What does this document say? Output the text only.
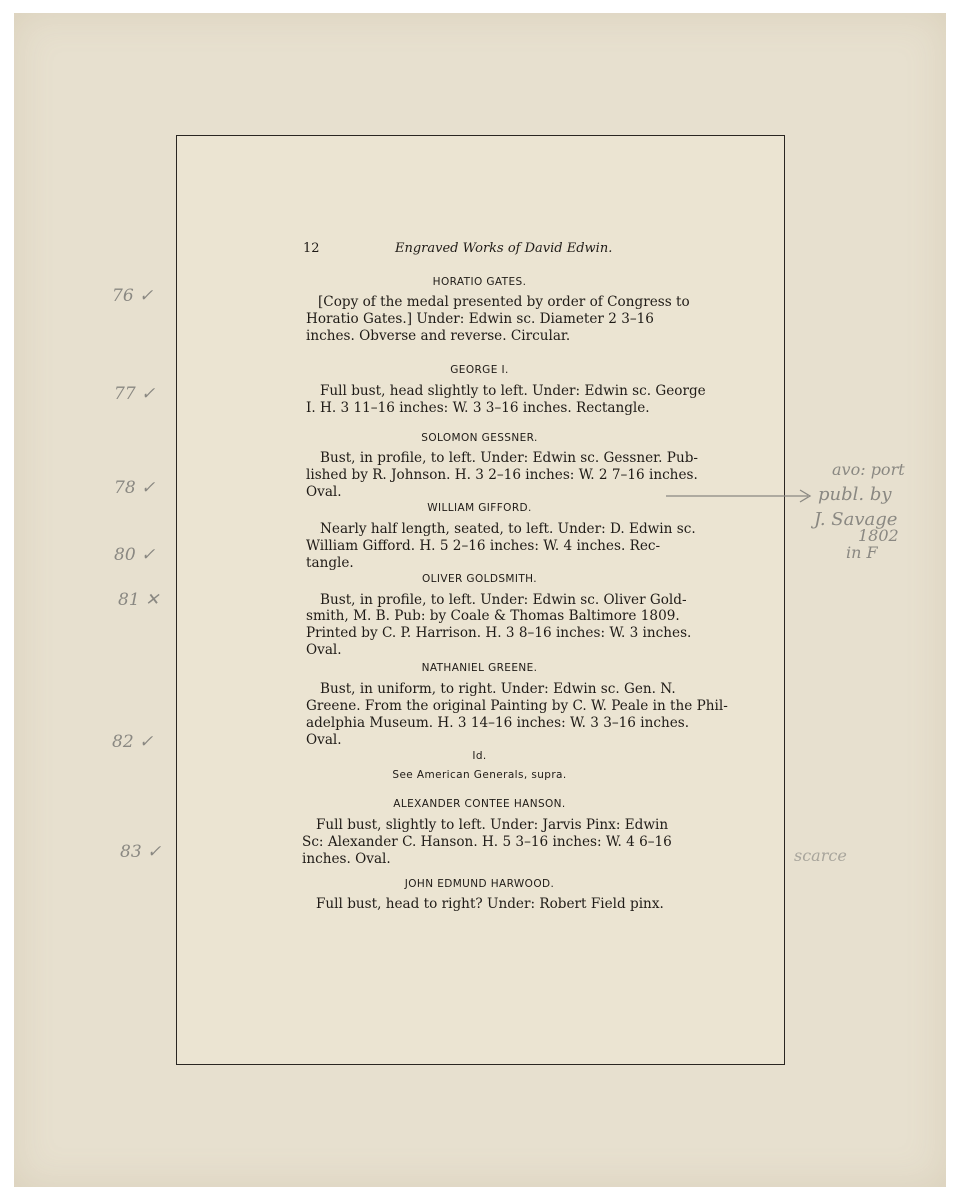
12	Engraved Works of David Edwin.
HORATIO GATES.
[Copy of the medal presented by order of Congress to
Horatio Gates.] Under: Edwin sc. Diameter 2 3–16
inches. Obverse and reverse. Circular.
GEORGE I.
Full bust, head slightly to left. Under: Edwin sc. George
I. H. 3 11–16 inches: W. 3 3–16 inches. Rectangle.
SOLOMON GESSNER.
Bust, in profile, to left. Under: Edwin sc. Gessner. Pub-
lished by R. Johnson. H. 3 2–16 inches: W. 2 7–16 inches.
Oval.
WILLIAM GIFFORD.
Nearly half length, seated, to left. Under: D. Edwin sc.
William Gifford. H. 5 2–16 inches: W. 4 inches. Rec-
tangle.
OLIVER GOLDSMITH.
Bust, in profile, to left. Under: Edwin sc. Oliver Gold-
smith, M. B. Pub: by Coale & Thomas Baltimore 1809.
Printed by C. P. Harrison. H. 3 8–16 inches: W. 3 inches.
Oval.
NATHANIEL GREENE.
Bust, in uniform, to right. Under: Edwin sc. Gen. N.
Greene. From the original Painting by C. W. Peale in the Phil-
adelphia Museum. H. 3 14–16 inches: W. 3 3–16 inches.
Oval.
Id.
See American Generals, supra.
ALEXANDER CONTEE HANSON.
Full bust, slightly to left. Under: Jarvis Pinx: Edwin
Sc: Alexander C. Hanson. H. 5 3–16 inches: W. 4 6–16
inches. Oval.
JOHN EDMUND HARWOOD.
Full bust, head to right? Under: Robert Field pinx.
76 ✓
77 ✓
78 ✓
80 ✓
81 ✕
82 ✓
83 ✓
avo: port
publ. by
J. Savage
1802
in F
scarce
